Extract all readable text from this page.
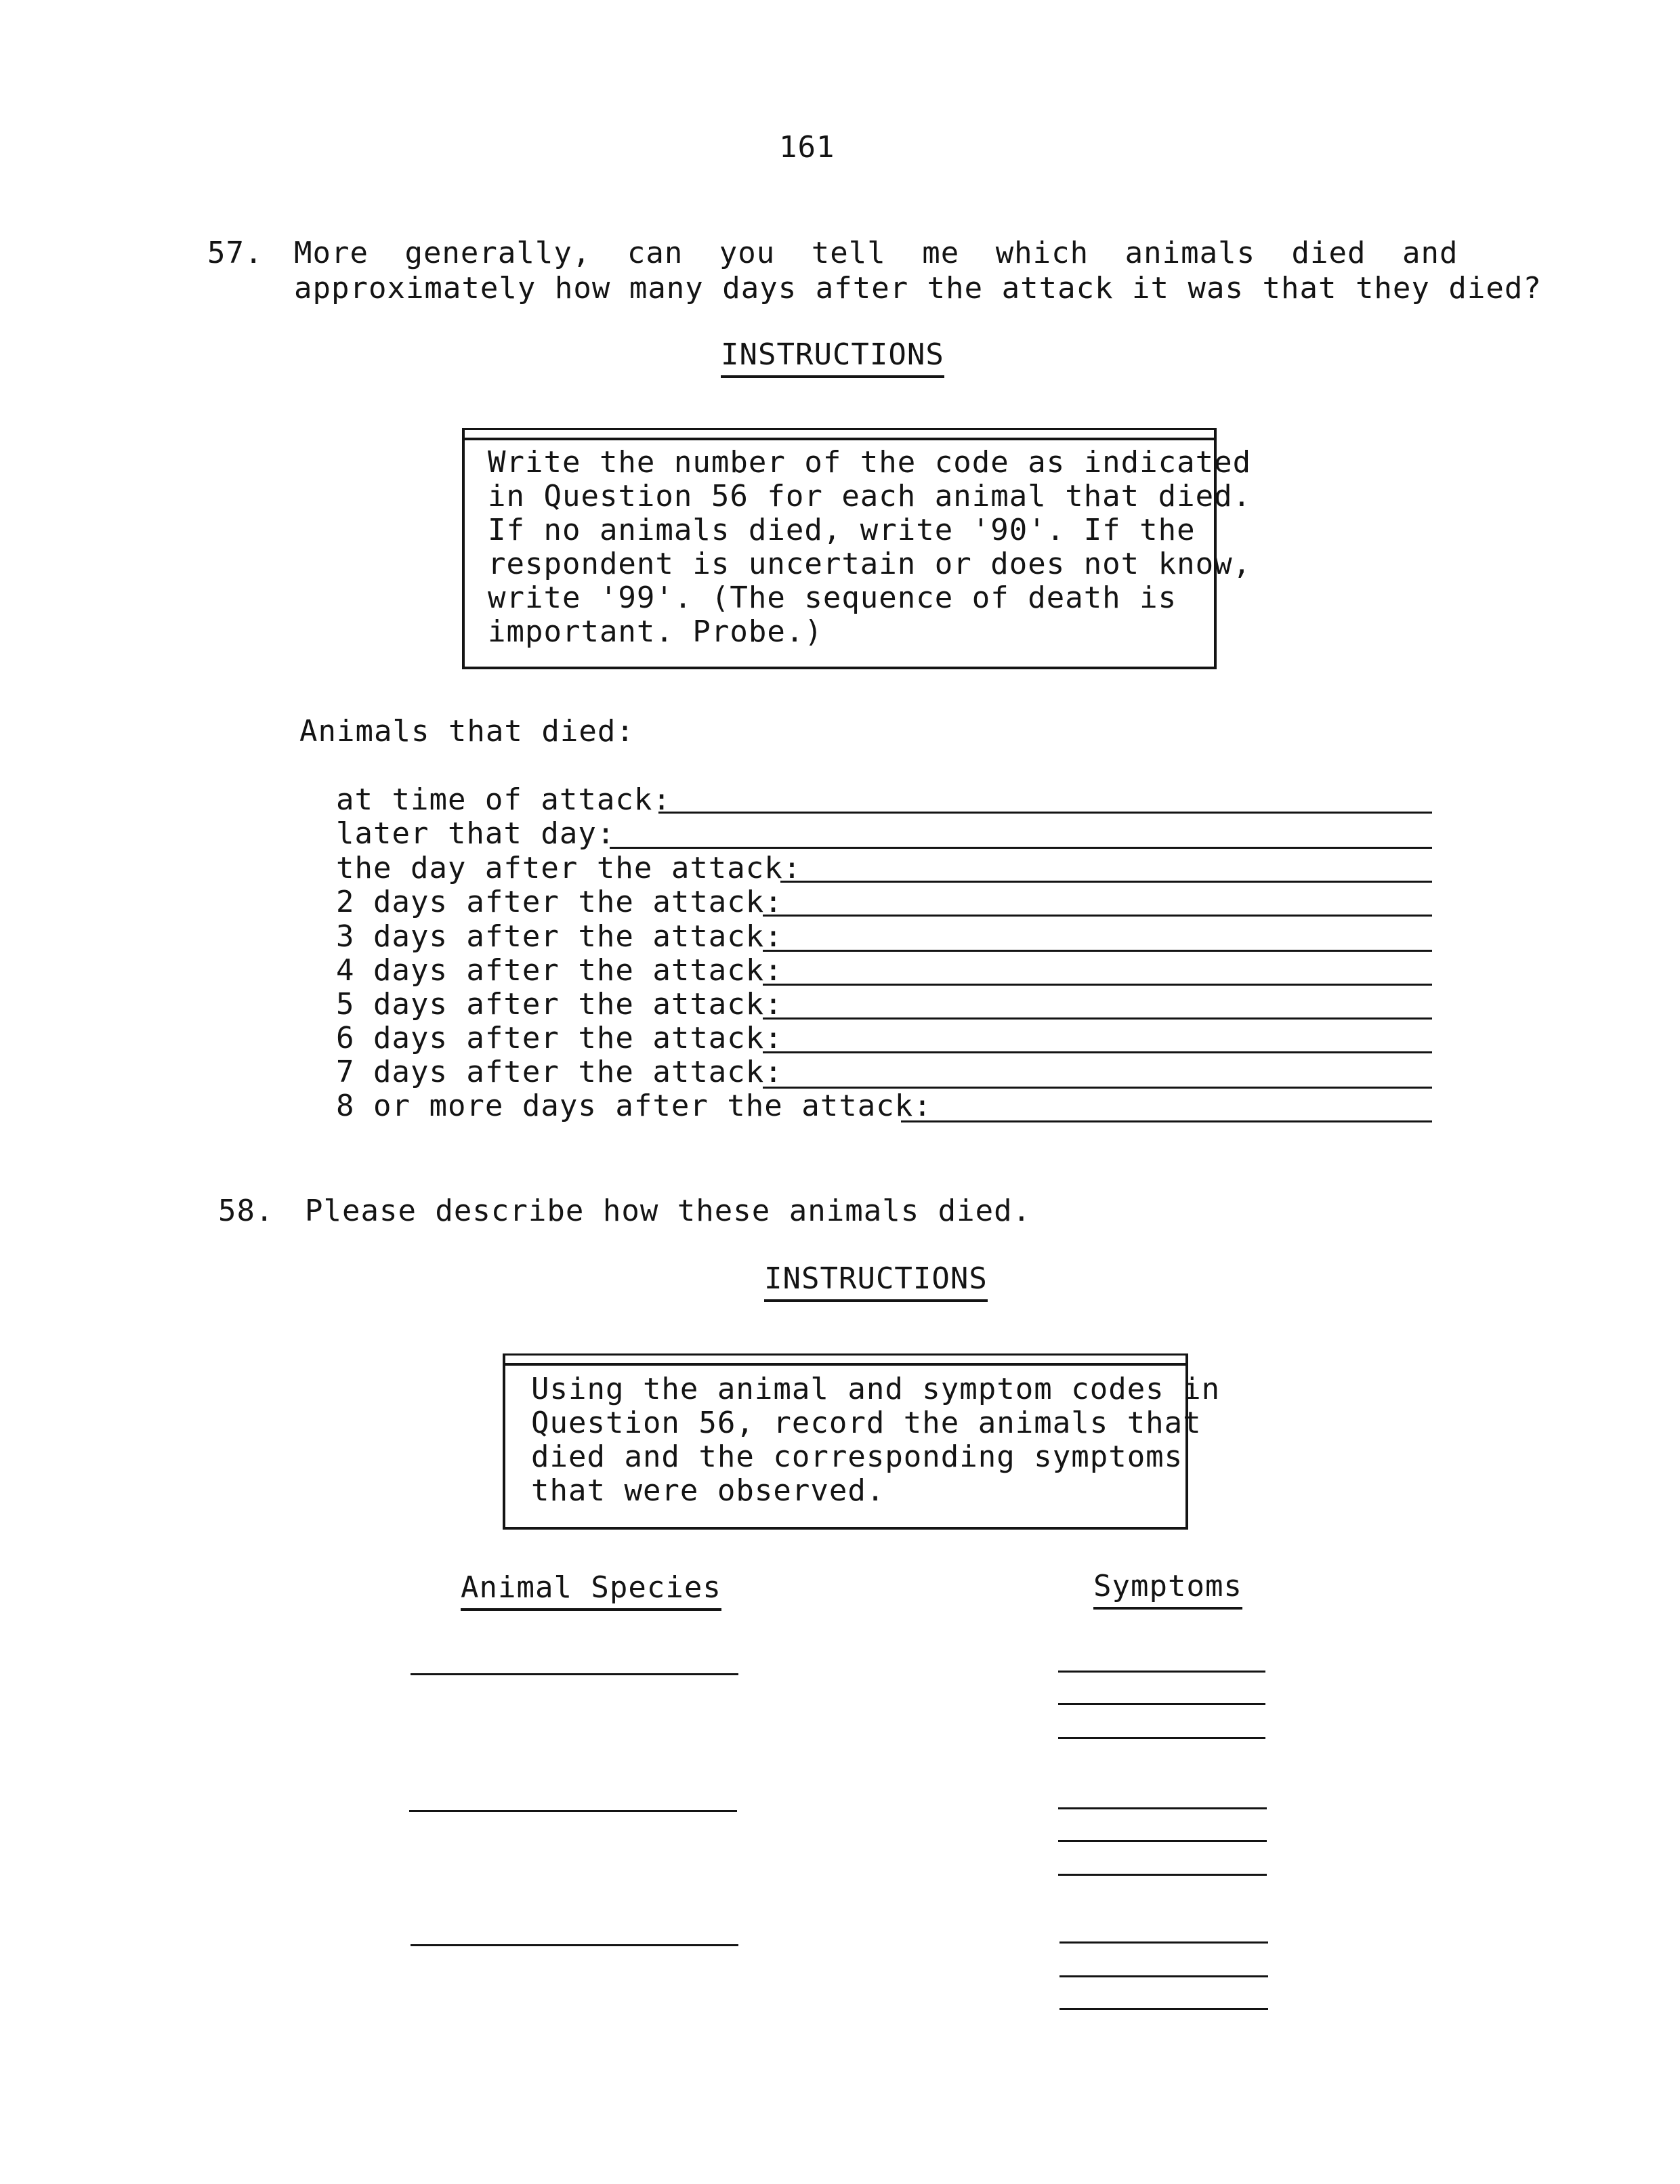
161
57. More generally, can you tell me which animals died and
approximately how many days after the attack it was that they died?
INSTRUCTIONS
Write the number of the code as indicated
in Question 56 for each animal that died.
If no animals died, write '90'. If the
respondent is uncertain or does not know,
write '99'. (The sequence of death is
important. Probe.)
Animals that died:
at time of attack:
later that day:
the day after the attack:
2 days after the attack:
3 days after the attack:
4 days after the attack:
5 days after the attack:
6 days after the attack:
7 days after the attack:
8 or more days after the attack:
58. Please describe how these animals died.
INSTRUCTIONS
Using the animal and symptom codes in
Question 56, record the animals that
died and the corresponding symptoms
that were observed.
Animal Species	Symptoms
